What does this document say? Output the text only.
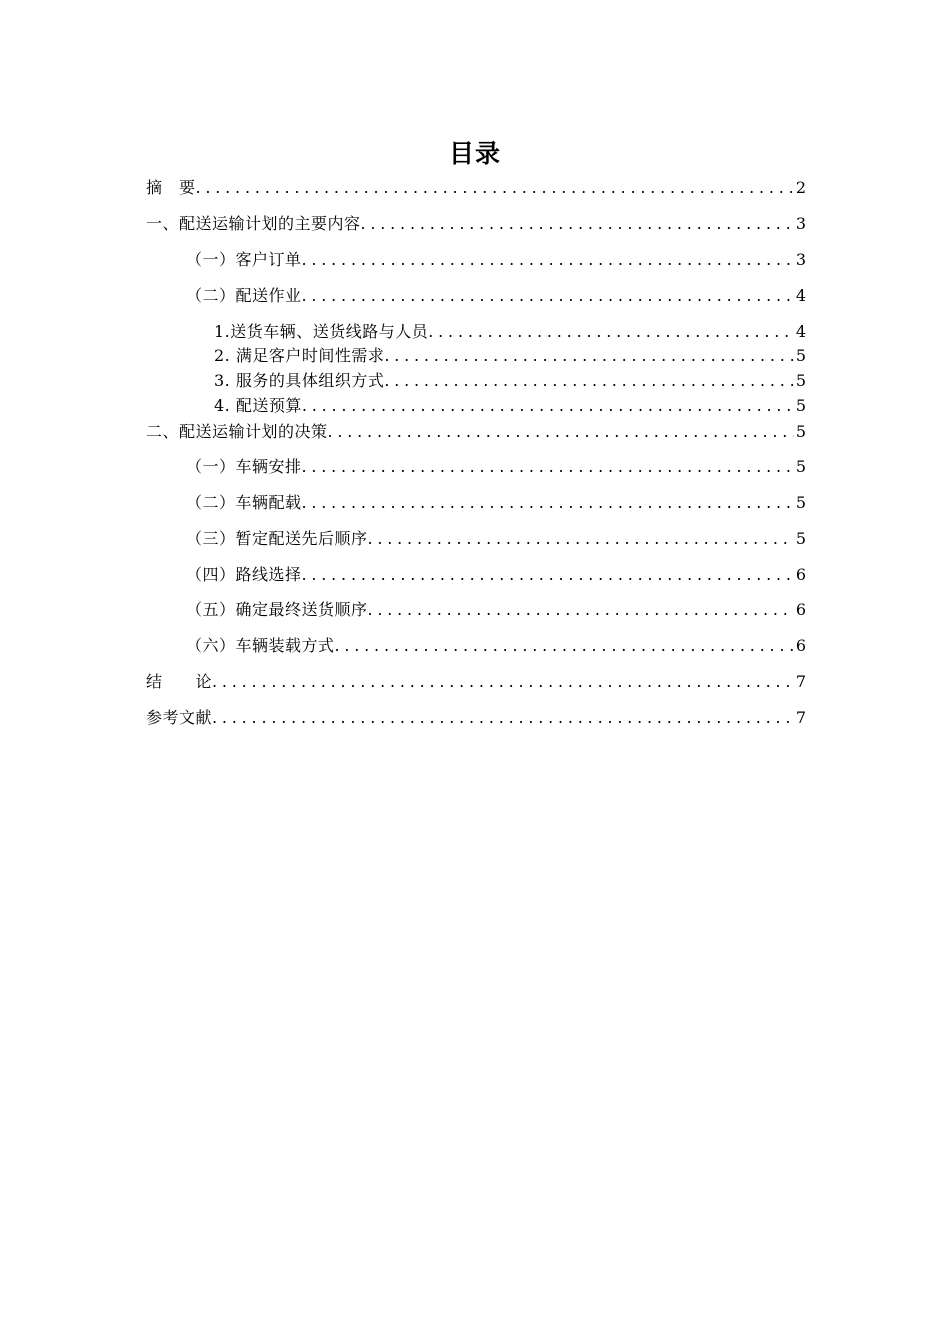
目录
摘　要 .....	2
一、配送运输计划的主要内容 .....	3
（一）客户订单 .....	3
（二）配送作业 .....	4
1.送货车辆、送货线路与人员 .....	4
2. 满足客户时间性需求 .....	5
3. 服务的具体组织方式 .....	5
4. 配送预算 .....	5
二、配送运输计划的决策 .....	5
（一）车辆安排 .....	5
（二）车辆配载 .....	5
（三）暂定配送先后顺序 .....	5
（四）路线选择 .....	6
（五）确定最终送货顺序 .....	6
（六）车辆装载方式 .....	6
结　　论 .....	7
参考文献 .....	7
